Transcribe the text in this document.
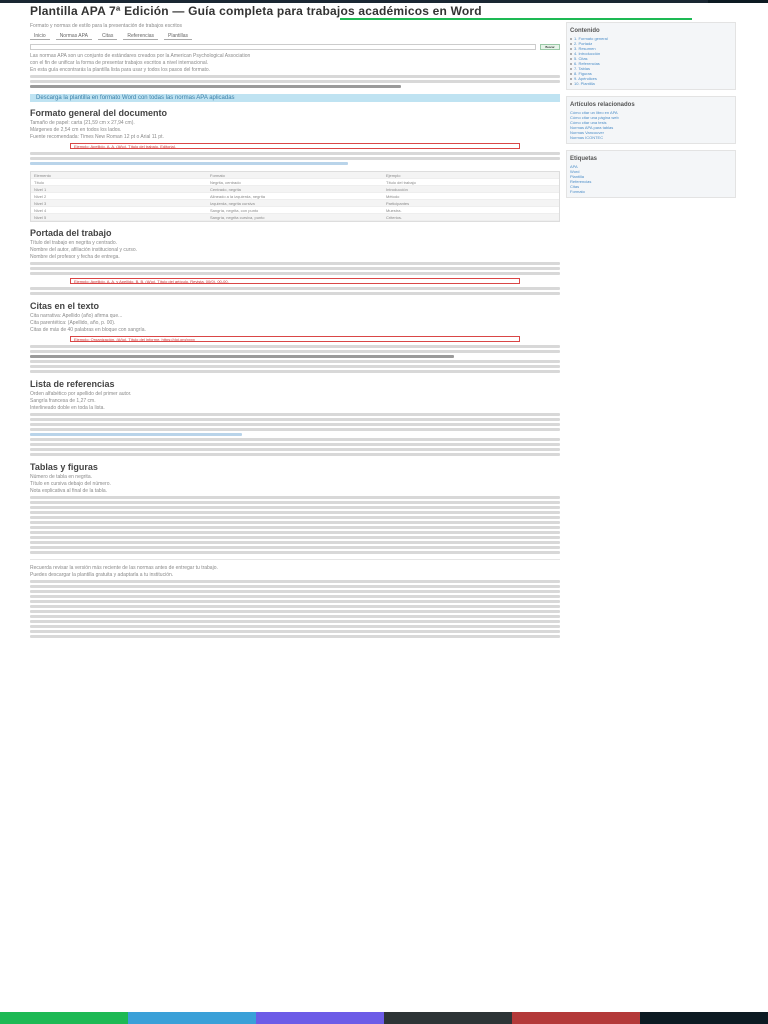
Plantilla APA 7ª Edición — Guía completa para trabajos académicos en Word
Formato y normas de estilo para la presentación de trabajos escritos
Inicio	Normas APA	Citas	Referencias	Plantillas
Buscar
Las normas APA son un conjunto de estándares creados por la American Psychological Association
con el fin de unificar la forma de presentar trabajos escritos a nivel internacional.
En esta guía encontrarás la plantilla lista para usar y todos los pasos del formato.
Descarga la plantilla en formato Word con todas las normas APA aplicadas
Formato general del documento
Tamaño de papel: carta (21,59 cm x 27,94 cm).
Márgenes de 2,54 cm en todos los lados.
Fuente recomendada: Times New Roman 12 pt o Arial 11 pt.
Ejemplo: Apellido, A. A. (Año). Título del trabajo. Editorial.
Elemento	Formato	Ejemplo
Título	Negrita, centrado	Título del trabajo
Nivel 1	Centrado, negrita	Introducción
Nivel 2	Alineado a la izquierda, negrita	Método
Nivel 3	Izquierda, negrita cursiva	Participantes
Nivel 4	Sangría, negrita, con punto	Muestra.
Nivel 5	Sangría, negrita cursiva, punto	Criterios.
Portada del trabajo
Título del trabajo en negrita y centrado.
Nombre del autor, afiliación institucional y curso.
Nombre del profesor y fecha de entrega.
Ejemplo: Apellido, A. A. y Apellido, B. B. (Año). Título del artículo. Revista, 00(0), 00-00.
Citas en el texto
Cita narrativa: Apellido (año) afirma que...
Cita parentética: (Apellido, año, p. 00).
Citas de más de 40 palabras en bloque con sangría.
Ejemplo: Organización. (Año). Título del informe. https://doi.org/xxxx
Lista de referencias
Orden alfabético por apellido del primer autor.
Sangría francesa de 1,27 cm.
Interlineado doble en toda la lista.
Tablas y figuras
Número de tabla en negrita.
Título en cursiva debajo del número.
Nota explicativa al final de la tabla.
Recuerda revisar la versión más reciente de las normas antes de entregar tu trabajo.
Puedes descargar la plantilla gratuita y adaptarla a tu institución.
Contenido
1. Formato general
2. Portada
3. Resumen
4. Introducción
5. Citas
6. Referencias
7. Tablas
8. Figuras
9. Apéndices
10. Plantilla
Artículos relacionados
Cómo citar un libro en APA
Cómo citar una página web
Cómo citar una tesis
Normas APA para tablas
Normas Vancouver
Normas ICONTEC
Etiquetas
APA
Word
Plantilla
Referencias
Citas
Formato
